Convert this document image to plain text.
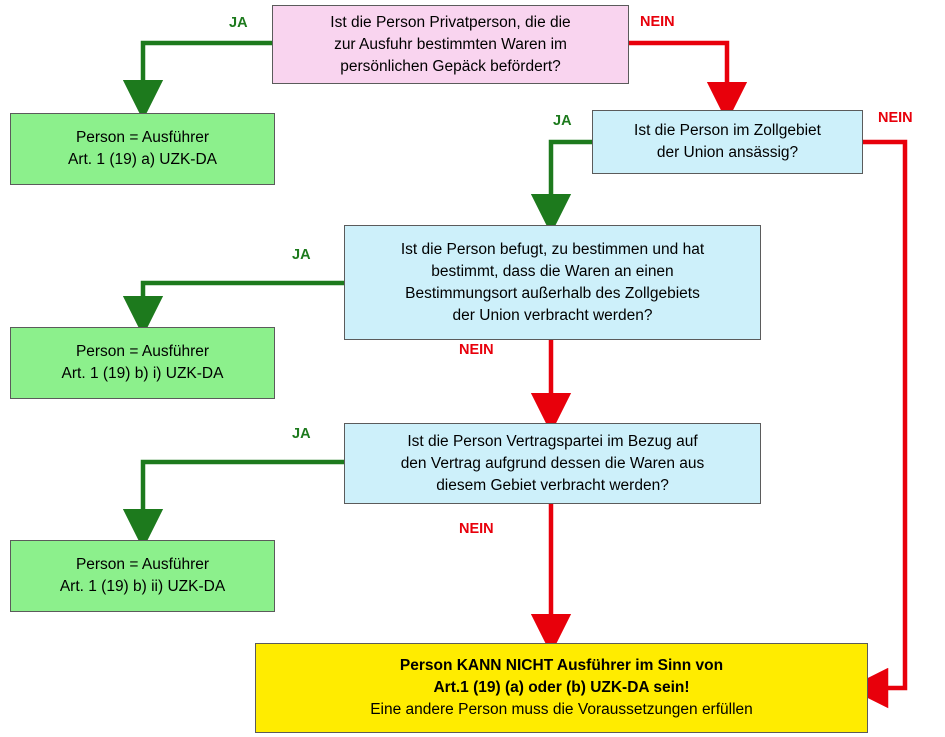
Ist die Person Privatperson, die die
zur Ausfuhr bestimmten Waren im
persönlichen Gepäck befördert?
Person = Ausführer
Art. 1 (19) a) UZK-DA
Ist die Person im Zollgebiet
der Union ansässig?
Ist die Person befugt, zu bestimmen und hat
bestimmt, dass die Waren an einen
Bestimmungsort außerhalb des Zollgebiets
der Union verbracht werden?
Person = Ausführer
Art. 1 (19) b) i) UZK-DA
Ist die Person Vertragspartei im Bezug auf
den Vertrag aufgrund dessen die Waren aus
diesem Gebiet verbracht werden?
Person = Ausführer
Art. 1 (19) b) ii) UZK-DA
Person KANN NICHT Ausführer im Sinn von
Art.1 (19) (a) oder (b) UZK-DA sein!
Eine andere Person muss die Voraussetzungen erfüllen
JA	NEIN
JA	NEIN
JA
NEIN
JA
NEIN
